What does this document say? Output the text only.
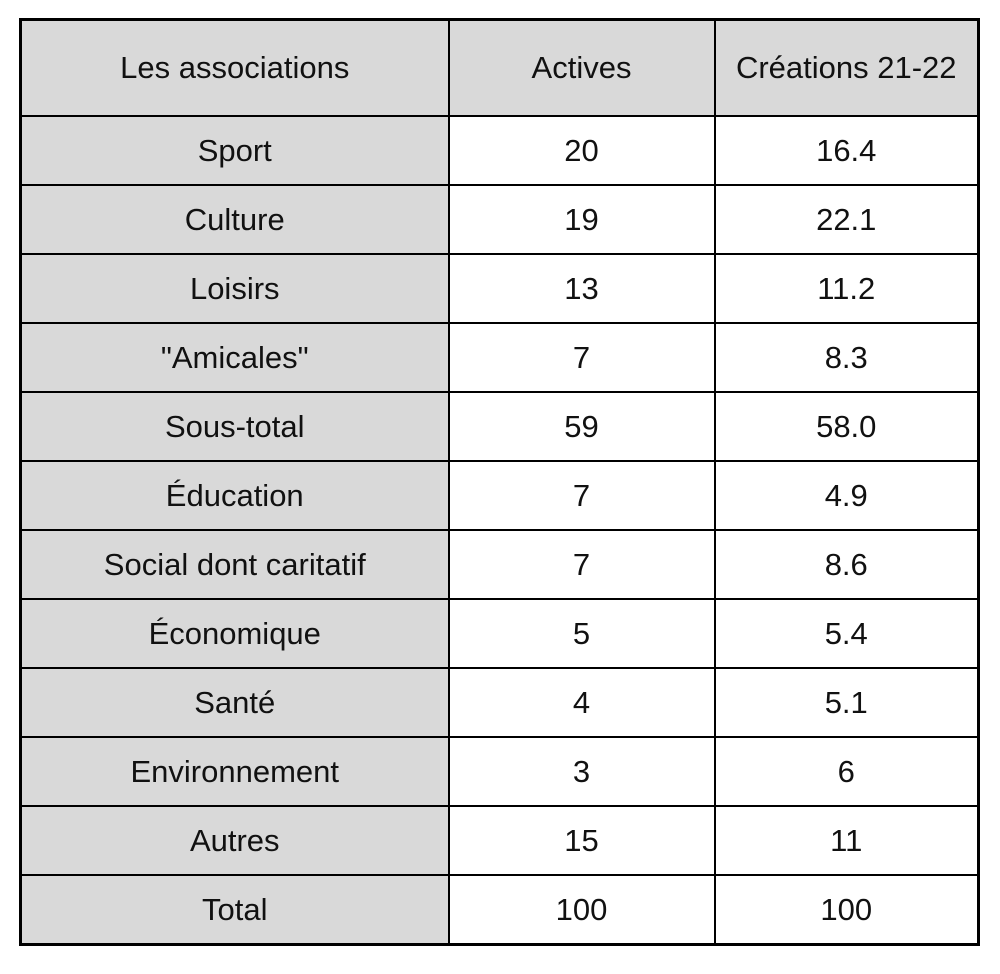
Les associations	Actives	Créations 21-22
Sport	20	16.4
Culture	19	22.1
Loisirs	13	11.2
"Amicales"	7	8.3
Sous-total	59	58.0
Éducation	7	4.9
Social dont caritatif	7	8.6
Économique	5	5.4
Santé	4	5.1
Environnement	3	6
Autres	15	11
Total	100	100
